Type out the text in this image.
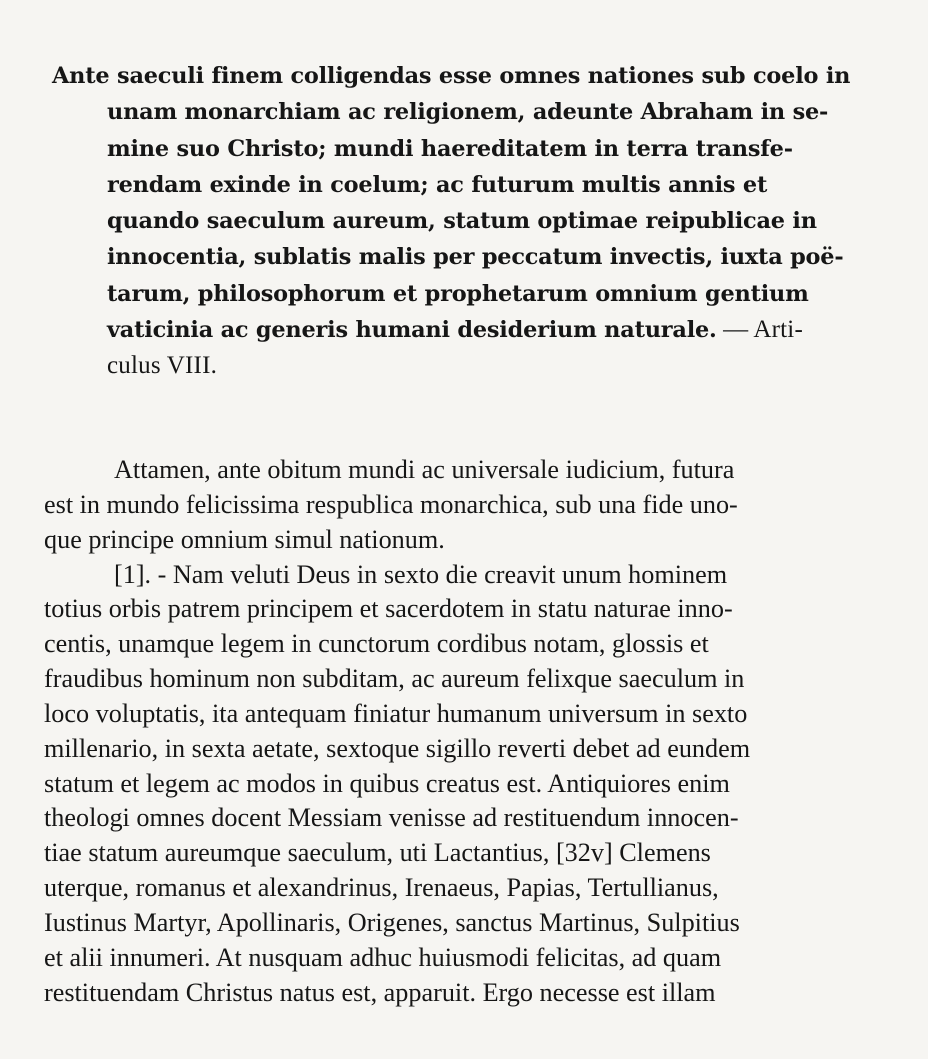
Ante saeculi finem colligendas esse omnes nationes sub coelo in
unam monarchiam ac religionem, adeunte Abraham in se-
mine suo Christo; mundi haereditatem in terra transfe-
rendam exinde in coelum; ac futurum multis annis et
quando saeculum aureum, statum optimae reipublicae in
innocentia, sublatis malis per peccatum invectis, iuxta poë-
tarum, philosophorum et prophetarum omnium gentium
vaticinia ac generis humani desiderium naturale. — Arti-
culus VIII.

Attamen, ante obitum mundi ac universale iudicium, futura
est in mundo felicissima respublica monarchica, sub una fide uno-
que principe omnium simul nationum.
[1]. - Nam veluti Deus in sexto die creavit unum hominem
totius orbis patrem principem et sacerdotem in statu naturae inno-
centis, unamque legem in cunctorum cordibus notam, glossis et
fraudibus hominum non subditam, ac aureum felixque saeculum in
loco voluptatis, ita antequam finiatur humanum universum in sexto
millenario, in sexta aetate, sextoque sigillo reverti debet ad eundem
statum et legem ac modos in quibus creatus est. Antiquiores enim
theologi omnes docent Messiam venisse ad restituendum innocen-
tiae statum aureumque saeculum, uti Lactantius, [32v] Clemens
uterque, romanus et alexandrinus, Irenaeus, Papias, Tertullianus,
Iustinus Martyr, Apollinaris, Origenes, sanctus Martinus, Sulpitius
et alii innumeri. At nusquam adhuc huiusmodi felicitas, ad quam
restituendam Christus natus est, apparuit. Ergo necesse est illam
